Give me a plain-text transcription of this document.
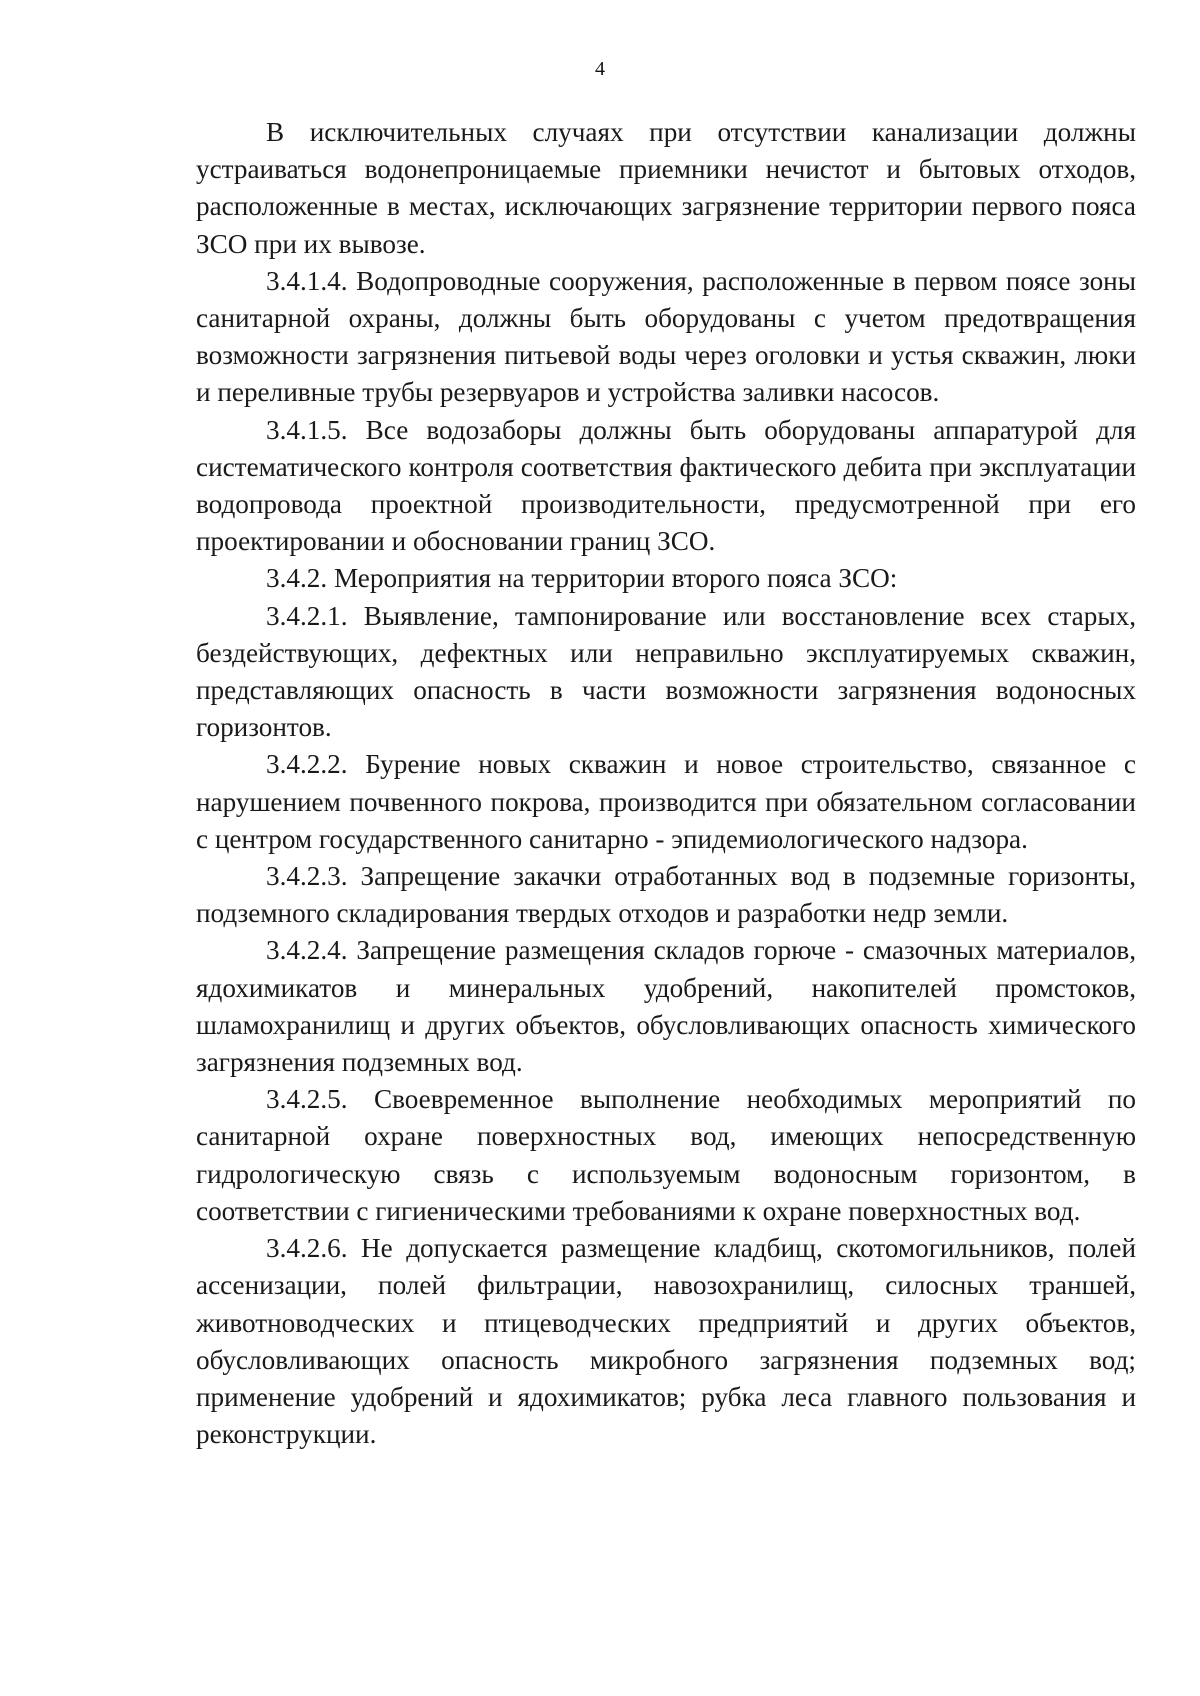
4

В исключительных случаях при отсутствии канализации должны устраиваться водонепроницаемые приемники нечистот и бытовых отходов, расположенные в местах, исключающих загрязнение территории первого пояса ЗСО при их вывозе.

3.4.1.4. Водопроводные сооружения, расположенные в первом поясе зоны санитарной охраны, должны быть оборудованы с учетом предотвращения возможности загрязнения питьевой воды через оголовки и устья скважин, люки и переливные трубы резервуаров и устройства заливки насосов.

3.4.1.5. Все водозаборы должны быть оборудованы аппаратурой для систематического контроля соответствия фактического дебита при эксплуатации водопровода проектной производительности, предусмотренной при его проектировании и обосновании границ ЗСО.

3.4.2. Мероприятия на территории второго пояса ЗСО:

3.4.2.1. Выявление, тампонирование или восстановление всех старых, бездействующих, дефектных или неправильно эксплуатируемых скважин, представляющих опасность в части возможности загрязнения водоносных горизонтов.

3.4.2.2. Бурение новых скважин и новое строительство, связанное с нарушением почвенного покрова, производится при обязательном согласовании с центром государственного санитарно - эпидемиологического надзора.

3.4.2.3. Запрещение закачки отработанных вод в подземные горизонты, подземного складирования твердых отходов и разработки недр земли.

3.4.2.4. Запрещение размещения складов горюче - смазочных материалов, ядохимикатов и минеральных удобрений, накопителей промстоков, шламохранилищ и других объектов, обусловливающих опасность химического загрязнения подземных вод.

3.4.2.5. Своевременное выполнение необходимых мероприятий по санитарной охране поверхностных вод, имеющих непосредственную гидрологическую связь с используемым водоносным горизонтом, в соответствии с гигиеническими требованиями к охране поверхностных вод.

3.4.2.6. Не допускается размещение кладбищ, скотомогильников, полей ассенизации, полей фильтрации, навозохранилищ, силосных траншей, животноводческих и птицеводческих предприятий и других объектов, обусловливающих опасность микробного загрязнения подземных вод; применение удобрений и ядохимикатов; рубка леса главного пользования и реконструкции.
